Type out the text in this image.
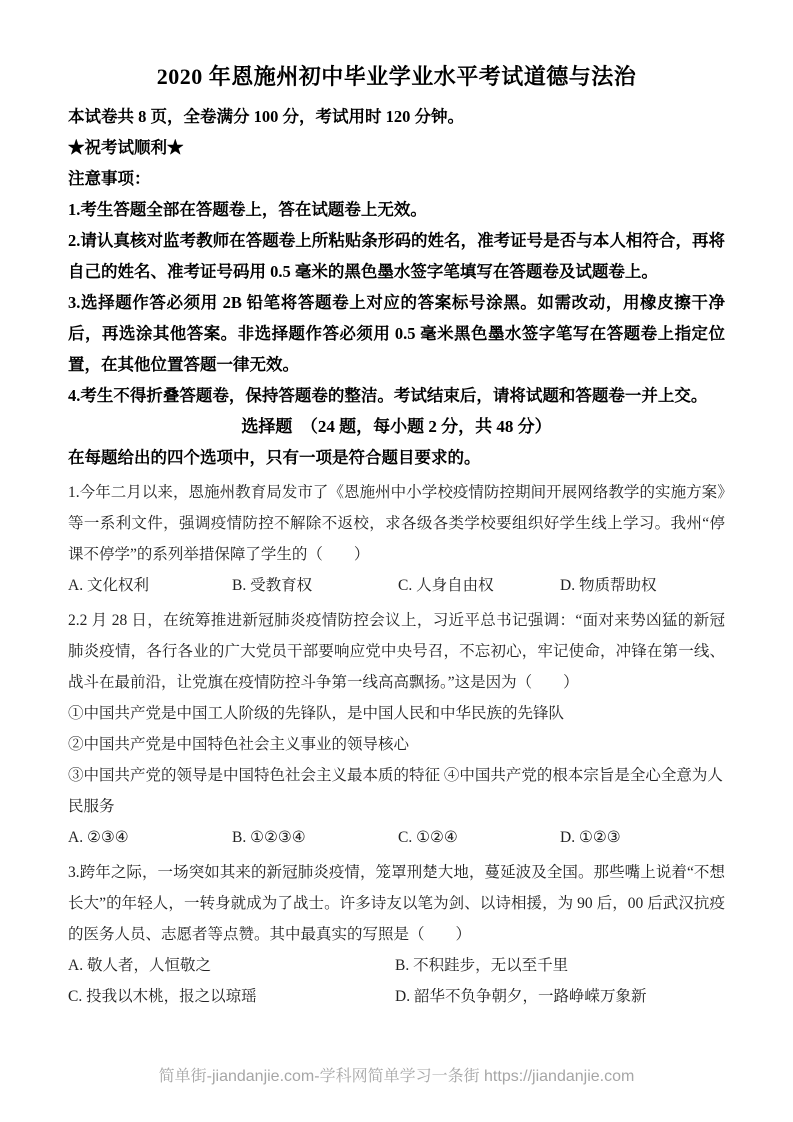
2020 年恩施州初中毕业学业水平考试道德与法治

本试卷共 8 页，全卷满分 100 分，考试用时 120 分钟。

★祝考试顺利★

注意事项：

1.考生答题全部在答题卷上，答在试题卷上无效。

2.请认真核对监考教师在答题卷上所粘贴条形码的姓名，准考证号是否与本人相符合，再将自己的姓名、准考证号码用 0.5 毫米的黑色墨水签字笔填写在答题卷及试题卷上。

3.选择题作答必须用 2B 铅笔将答题卷上对应的答案标号涂黑。如需改动，用橡皮擦干净后，再选涂其他答案。非选择题作答必须用 0.5 毫米黑色墨水签字笔写在答题卷上指定位置，在其他位置答题一律无效。

4.考生不得折叠答题卷，保持答题卷的整洁。考试结束后，请将试题和答题卷一并上交。

选择题　（24 题，每小题 2 分，共 48 分）

在每题给出的四个选项中，只有一项是符合题目要求的。

1.今年二月以来，恩施州教育局发市了《恩施州中小学校疫情防控期间开展网络教学的实施方案》等一系利文件，强调疫情防控不解除不返校，求各级各类学校要组织好学生线上学习。我州“停课不停学”的系列举措保障了学生的（　　）

A. 文化权利	B. 受教育权	C. 人身自由权	D. 物质帮助权

2.2 月 28 日，在统筹推进新冠肺炎疫情防控会议上，习近平总书记强调：“面对来势凶猛的新冠肺炎疫情，各行各业的广大党员干部要响应党中央号召，不忘初心，牢记使命，冲锋在第一线、战斗在最前沿，让党旗在疫情防控斗争第一线高高飘扬。”这是因为（　　）

①中国共产党是中国工人阶级的先锋队，是中国人民和中华民族的先锋队

②中国共产党是中国特色社会主义事业的领导核心

③中国共产党的领导是中国特色社会主义最本质的特征 ④中国共产党的根本宗旨是全心全意为人民服务

A. ②③④	B. ①②③④	C. ①②④	D. ①②③

3.跨年之际，一场突如其来的新冠肺炎疫情，笼罩刑楚大地，蔓延波及全国。那些嘴上说着“不想长大”的年轻人，一转身就成为了战士。许多诗友以笔为剑、以诗相援，为 90 后，00 后武汉抗疫的医务人员、志愿者等点赞。其中最真实的写照是（　　）

A. 敬人者，人恒敬之	B. 不积跬步，无以至千里
C. 投我以木桃，报之以琼瑶	D. 韶华不负争朝夕，一路峥嵘万象新
简单街-jiandanjie.com-学科网简单学习一条街 https://jiandanjie.com
